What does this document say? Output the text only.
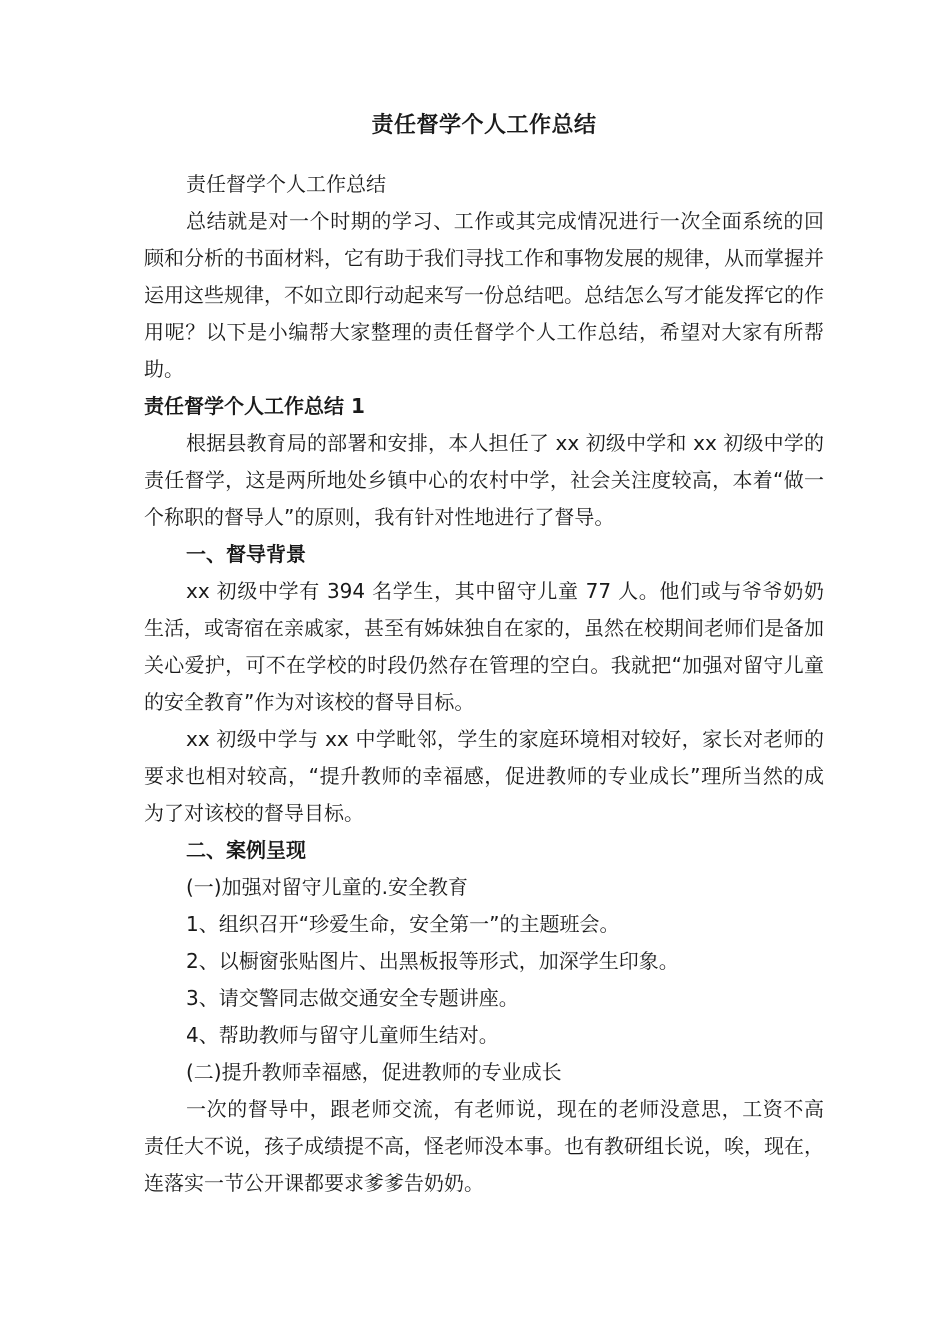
责任督学个人工作总结

责任督学个人工作总结

总结就是对一个时期的学习、工作或其完成情况进行一次全面系统的回顾和分析的书面材料，它有助于我们寻找工作和事物发展的规律，从而掌握并运用这些规律，不如立即行动起来写一份总结吧。总结怎么写才能发挥它的作用呢？以下是小编帮大家整理的责任督学个人工作总结，希望对大家有所帮助。

责任督学个人工作总结 1

根据县教育局的部署和安排，本人担任了 xx 初级中学和 xx 初级中学的责任督学，这是两所地处乡镇中心的农村中学，社会关注度较高，本着“做一个称职的督导人”的原则，我有针对性地进行了督导。

一、督导背景

xx 初级中学有 394 名学生，其中留守儿童 77 人。他们或与爷爷奶奶生活，或寄宿在亲戚家，甚至有姊妹独自在家的，虽然在校期间老师们是备加关心爱护，可不在学校的时段仍然存在管理的空白。我就把“加强对留守儿童的安全教育”作为对该校的督导目标。

xx 初级中学与 xx 中学毗邻，学生的家庭环境相对较好，家长对老师的要求也相对较高，“提升教师的幸福感，促进教师的专业成长”理所当然的成为了对该校的督导目标。

二、案例呈现

(一)加强对留守儿童的.安全教育

1、组织召开“珍爱生命，安全第一”的主题班会。

2、以橱窗张贴图片、出黑板报等形式，加深学生印象。

3、请交警同志做交通安全专题讲座。

4、帮助教师与留守儿童师生结对。

(二)提升教师幸福感，促进教师的专业成长

一次的督导中，跟老师交流，有老师说，现在的老师没意思，工资不高责任大不说，孩子成绩提不高，怪老师没本事。也有教研组长说，唉，现在，连落实一节公开课都要求爹爹告奶奶。
